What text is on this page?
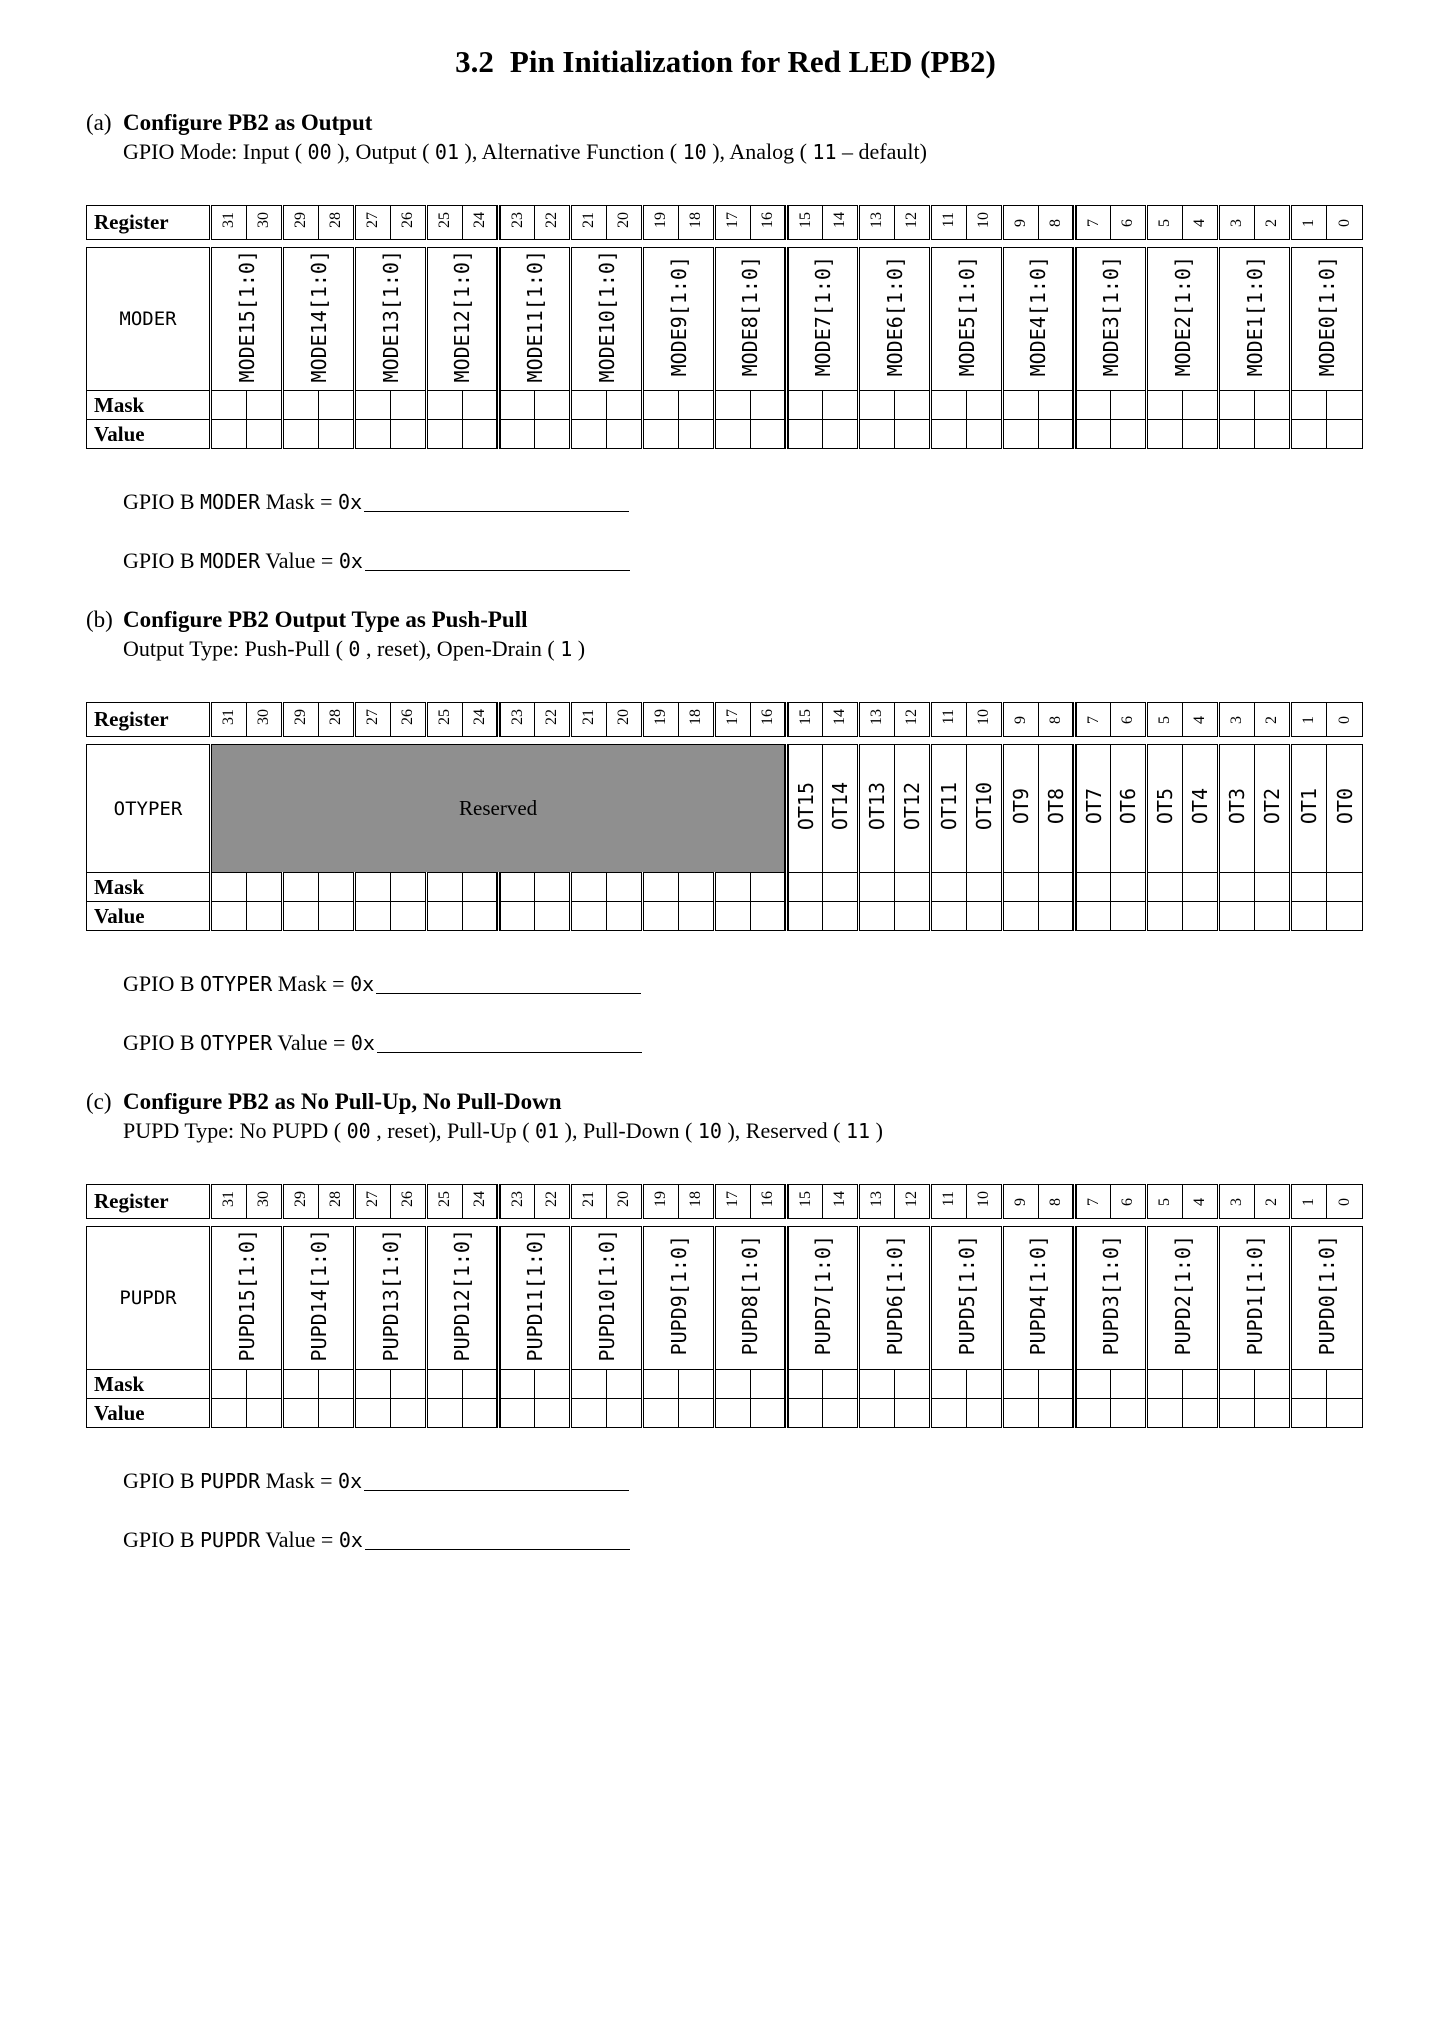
3.2 Pin Initialization for Red LED (PB2)
(a) Configure PB2 as Output
GPIO Mode: Input ( 00 ), Output ( 01 ), Alternative Function ( 10 ), Analog ( 11 – default)
Register	31	30	29	28	27	26	25	24	23	22	21	20	19	18	17	16	15	14	13	12	11	10	9	8	7	6	5	4	3	2	1	0
MODER	MODE15[1:0]		MODE14[1:0]		MODE13[1:0]		MODE12[1:0]		MODE11[1:0]		MODE10[1:0]		MODE9[1:0]		MODE8[1:0]		MODE7[1:0]		MODE6[1:0]		MODE5[1:0]		MODE4[1:0]		MODE3[1:0]		MODE2[1:0]		MODE1[1:0]		MODE0[1:0]	
Mask																																
Value																																

GPIO B MODER Mask = 0x

GPIO B MODER Value = 0x

(b) Configure PB2 Output Type as Push-Pull
Output Type: Push-Pull ( 0 , reset), Open-Drain ( 1 )
Register	31	30	29	28	27	26	25	24	23	22	21	20	19	18	17	16	15	14	13	12	11	10	9	8	7	6	5	4	3	2	1	0
OTYPER	Reserved																OT15	OT14	OT13	OT12	OT11	OT10	OT9	OT8	OT7	OT6	OT5	OT4	OT3	OT2	OT1	OT0
Mask																																
Value																																

GPIO B OTYPER Mask = 0x

GPIO B OTYPER Value = 0x

(c) Configure PB2 as No Pull-Up, No Pull-Down
PUPD Type: No PUPD ( 00 , reset), Pull-Up ( 01 ), Pull-Down ( 10 ), Reserved ( 11 )
Register	31	30	29	28	27	26	25	24	23	22	21	20	19	18	17	16	15	14	13	12	11	10	9	8	7	6	5	4	3	2	1	0
PUPDR	PUPD15[1:0]		PUPD14[1:0]		PUPD13[1:0]		PUPD12[1:0]		PUPD11[1:0]		PUPD10[1:0]		PUPD9[1:0]		PUPD8[1:0]		PUPD7[1:0]		PUPD6[1:0]		PUPD5[1:0]		PUPD4[1:0]		PUPD3[1:0]		PUPD2[1:0]		PUPD1[1:0]		PUPD0[1:0]	
Mask																																
Value																																

GPIO B PUPDR Mask = 0x

GPIO B PUPDR Value = 0x
